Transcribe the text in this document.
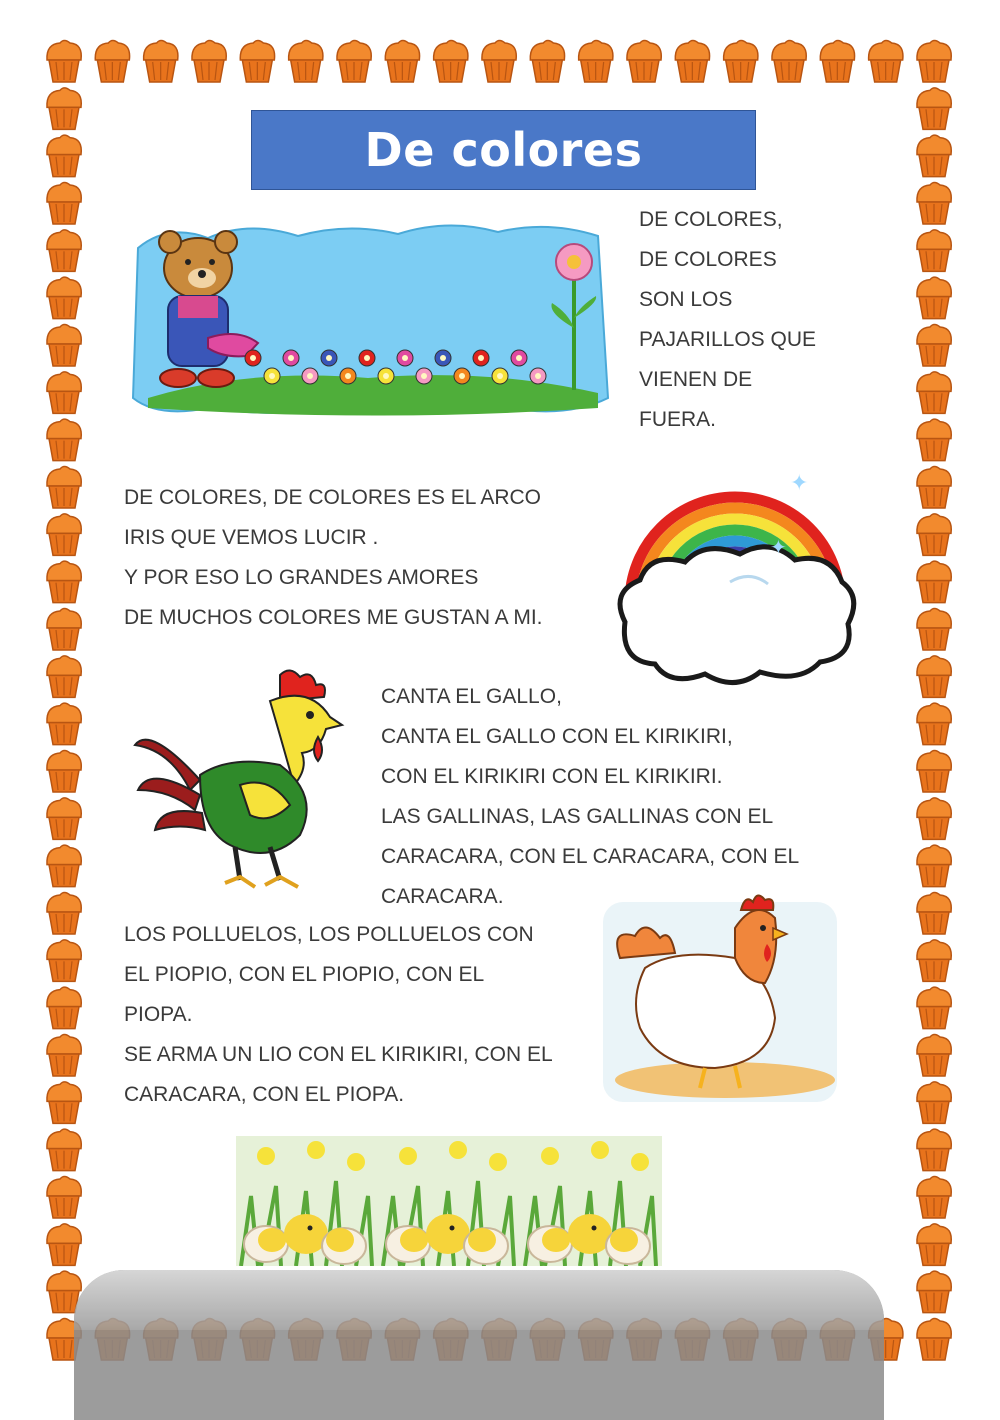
De colores
DE COLORES,
DE COLORES
SON LOS
PAJARILLOS QUE
VIENEN DE
FUERA.
DE COLORES, DE COLORES ES EL ARCO
IRIS QUE VEMOS LUCIR .
Y POR ESO LO GRANDES AMORES
DE MUCHOS COLORES ME GUSTAN A MI.
✦
✦
CANTA EL GALLO,
CANTA EL GALLO CON EL KIRIKIRI,
CON EL KIRIKIRI CON EL KIRIKIRI.
LAS GALLINAS, LAS GALLINAS CON EL
CARACARA, CON EL CARACARA, CON EL
CARACARA.
LOS POLLUELOS, LOS POLLUELOS CON
EL PIOPIO, CON EL PIOPIO, CON EL
PIOPA.
SE ARMA UN LIO CON EL KIRIKIRI, CON EL
CARACARA, CON EL PIOPA.
